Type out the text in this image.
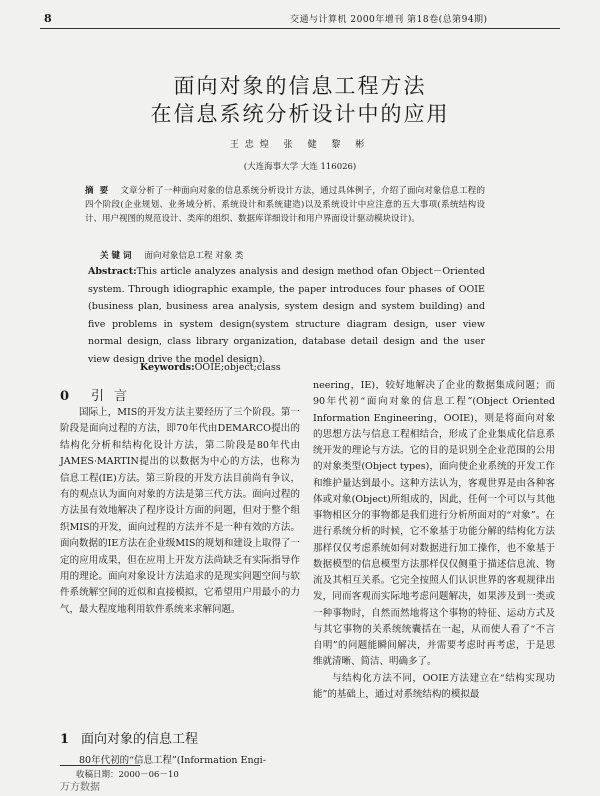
8	交通与计算机 2000年增刊 第18卷(总第94期)
面向对象的信息工程方法
在信息系统分析设计中的应用
王忠煌 张 健 黎 彬
(大连海事大学 大连 116026)
摘要 文章分析了一种面向对象的信息系统分析设计方法，通过具体例子，介绍了面向对象信息工程的四个阶段(企业规划、业务域分析、系统设计和系统建造)以及系统设计中应注意的五大事项(系统结构设计、用户视图的规范设计、类库的组织、数据库详细设计和用户界面设计驱动模块设计)。
关键词 面向对象信息工程 对象 类
Abstract:This article analyzes analysis and design method ofan Object－Oriented system. Through idiographic example, the paper introduces four phases of OOIE (business plan, business area analysis, system design and system building) and five problems in system design(system structure diagram design, user view normal design, class library organization, database detail design and the user view design drive the model design).
Keywords:OOIE;object;class
0 引言
国际上，MIS的开发方法主要经历了三个阶段。第一阶段是面向过程的方法，即70年代由DEMARCO提出的结构化分析和结构化设计方法，第二阶段是80年代由JAMES·MARTIN提出的以数据为中心的方法，也称为信息工程(IE)方法。第三阶段的开发方法目前尚有争议，有的观点认为面向对象的方法是第三代方法。面向过程的方法虽有效地解决了程序设计方面的问题，但对于整个组织MIS的开发，面向过程的方法并不是一种有效的方法。面向数据的IE方法在企业级MIS的规划和建设上取得了一定的应用成果，但在应用上开发方法尚缺乏有实际指导作用的理论。面向对象设计方法追求的是现实问题空间与软件系统解空间的近似和直接模拟，它希望用户用最小的力气，最大程度地利用软件系统来求解问题。
1 面向对象的信息工程
80年代初的“信息工程”(Information Engi-

neering，IE)，较好地解决了企业的数据集成问题；而90年代初“面向对象的信息工程”(Object Oriented Information Engineering，OOIE)，则是将面向对象的思想方法与信息工程相结合，形成了企业集成化信息系统开发的理论与方法。它的目的是识别全企业范围的公用的对象类型(Object types)，面向使企业系统的开发工作和维护量达到最小。这种方法认为，客观世界是由各种客体或对象(Object)所组成的，因此，任何一个可以与其他事物相区分的事物都是我们进行分析所面对的“对象”。在进行系统分析的时候，它不象基于功能分解的结构化方法那样仅仅考虑系统如何对数据进行加工操作，也不象基于数据模型的信息模型方法那样仅仅侧重于描述信息流、物流及其相互关系。它完全按照人们认识世界的客观规律出发，同而客观而实际地考虑问题解决，如果涉及到一类或一种事物时，自然而然地将这个事物的特征、运动方式及与其它事物的关系统统囊括在一起，从而使人看了“不言自明”的问题能瞬间解决，并需要考虑时再考虑，于是思维就清晰、简洁、明确多了。

与结构化方法不同，OOIE方法建立在“结构实现功能”的基础上，通过对系统结构的模拟最

收稿日期：2000－06－10
万方数据
